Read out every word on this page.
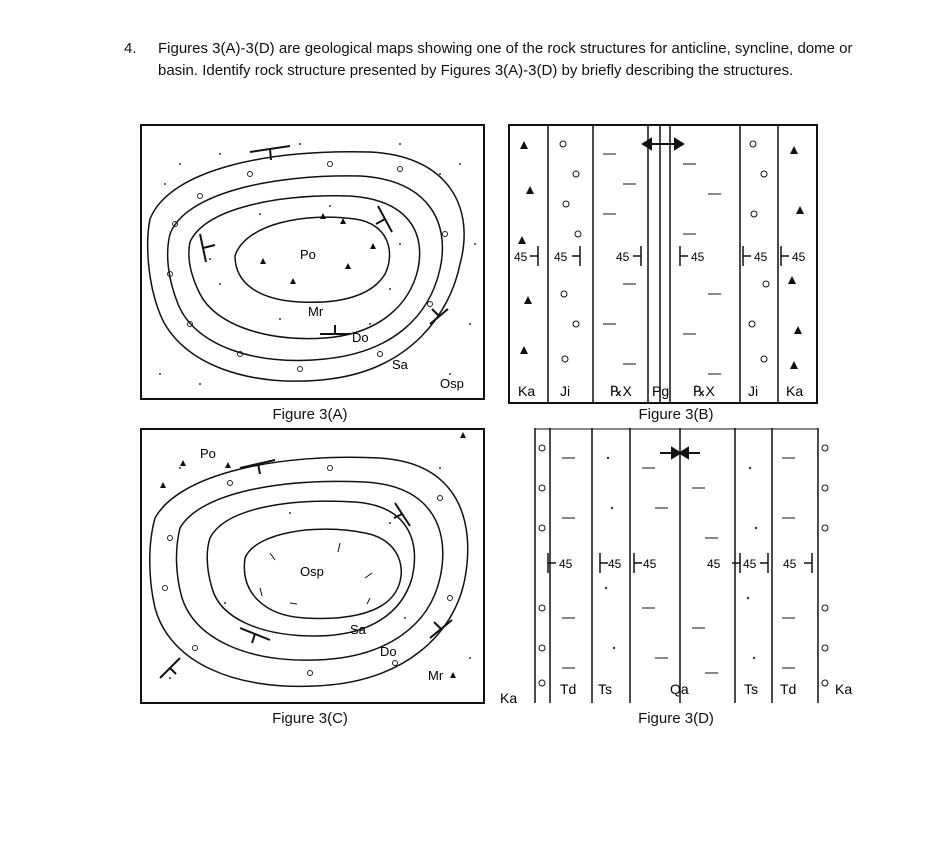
4. Figures 3(A)-3(D) are geological maps showing one of the rock structures for anticline, syncline, dome or basin. Identify rock structure presented by Figures 3(A)-3(D) by briefly describing the structures.
Po
Mr
Do
Sa
Osp
Figure 3(A)
45 45	45	45	45 45
Ka Ji	℞X Pg ℞X Ji Ka
Figure 3(B)
Po
Osp
Sa
Do
Mr
Figure 3(C)
45	45 45	45 45 45
Ka
Td Ts	Qa	Ts Td	Ka
Figure 3(D)
